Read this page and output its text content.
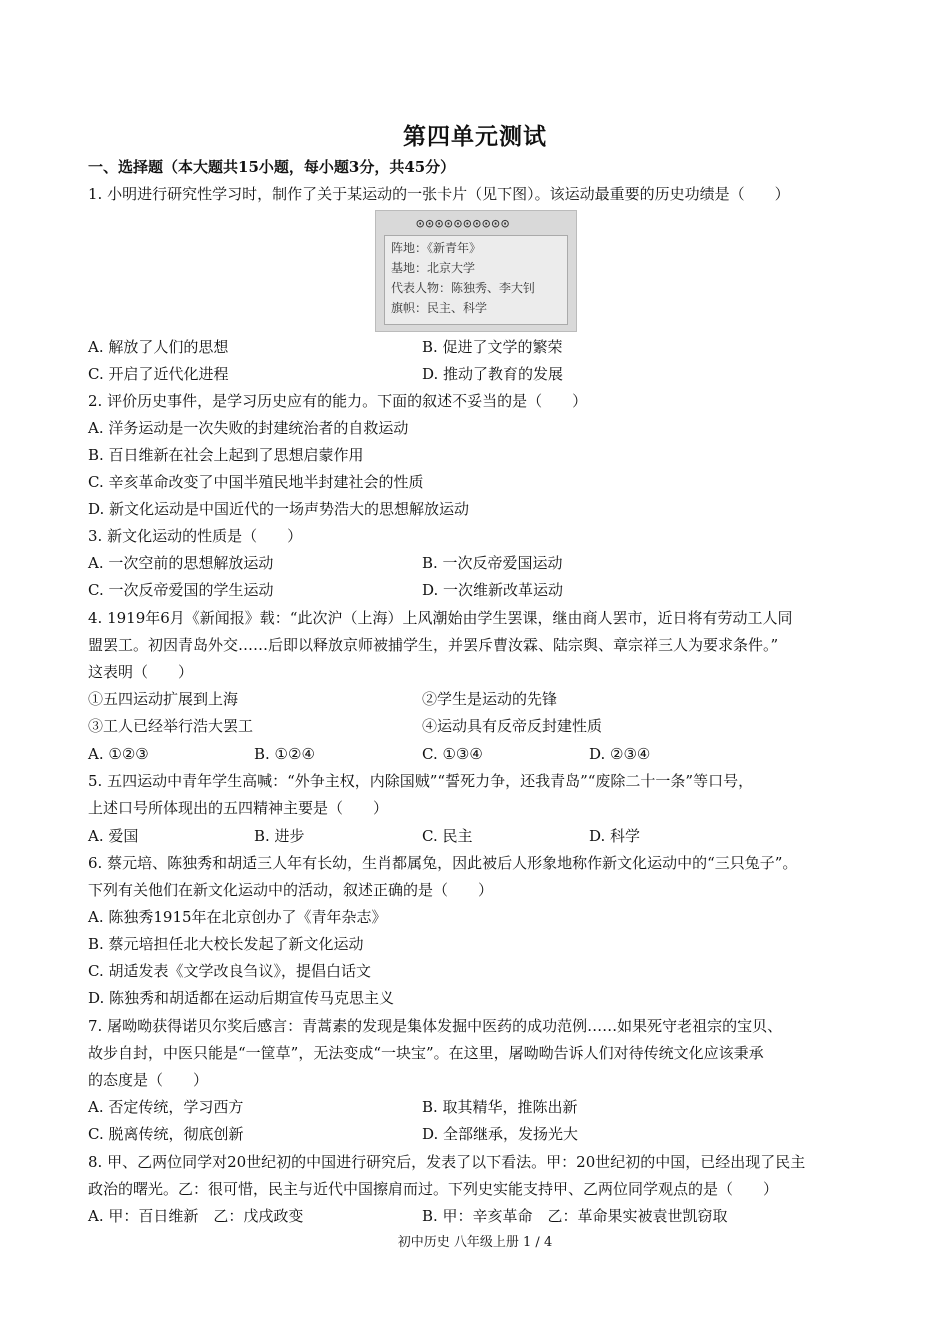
第四单元测试
一、选择题（本大题共15小题，每小题3分，共45分）
1. 小明进行研究性学习时，制作了关于某运动的一张卡片（见下图）。该运动最重要的历史功绩是（　　）
⊙⊙⊙⊙⊙⊙⊙⊙⊙⊙
阵地：《新青年》
基地：北京大学
代表人物：陈独秀、李大钊
旗帜：民主、科学
A. 解放了人们的思想	B. 促进了文学的繁荣
C. 开启了近代化进程	D. 推动了教育的发展
2. 评价历史事件，是学习历史应有的能力。下面的叙述不妥当的是（　　）
A. 洋务运动是一次失败的封建统治者的自救运动
B. 百日维新在社会上起到了思想启蒙作用
C. 辛亥革命改变了中国半殖民地半封建社会的性质
D. 新文化运动是中国近代的一场声势浩大的思想解放运动
3. 新文化运动的性质是（　　）
A. 一次空前的思想解放运动	B. 一次反帝爱国运动
C. 一次反帝爱国的学生运动	D. 一次维新改革运动
4. 1919年6月《新闻报》载：“此次沪（上海）上风潮始由学生罢课，继由商人罢市，近日将有劳动工人同
盟罢工。初因青岛外交……后即以释放京师被捕学生，并罢斥曹汝霖、陆宗舆、章宗祥三人为要求条件。”
这表明（　　）
①五四运动扩展到上海	②学生是运动的先锋
③工人已经举行浩大罢工	④运动具有反帝反封建性质
A. ①②③	B. ①②④	C. ①③④	D. ②③④
5. 五四运动中青年学生高喊：“外争主权，内除国贼”“誓死力争，还我青岛”“废除二十一条”等口号，
上述口号所体现出的五四精神主要是（　　）
A. 爱国	B. 进步	C. 民主	D. 科学
6. 蔡元培、陈独秀和胡适三人年有长幼，生肖都属兔，因此被后人形象地称作新文化运动中的“三只兔子”。
下列有关他们在新文化运动中的活动，叙述正确的是（　　）
A. 陈独秀1915年在北京创办了《青年杂志》
B. 蔡元培担任北大校长发起了新文化运动
C. 胡适发表《文学改良刍议》，提倡白话文
D. 陈独秀和胡适都在运动后期宣传马克思主义
7. 屠呦呦获得诺贝尔奖后感言：青蒿素的发现是集体发掘中医药的成功范例……如果死守老祖宗的宝贝、
故步自封，中医只能是“一筐草”，无法变成“一块宝”。在这里，屠呦呦告诉人们对待传统文化应该秉承
的态度是（　　）
A. 否定传统，学习西方	B. 取其精华，推陈出新
C. 脱离传统，彻底创新	D. 全部继承，发扬光大
8. 甲、乙两位同学对20世纪初的中国进行研究后，发表了以下看法。甲：20世纪初的中国，已经出现了民主
政治的曙光。乙：很可惜，民主与近代中国擦肩而过。下列史实能支持甲、乙两位同学观点的是（　　）
A. 甲：百日维新　乙：戊戌政变	B. 甲：辛亥革命　乙：革命果实被袁世凯窃取
初中历史 八年级上册 1 / 4
